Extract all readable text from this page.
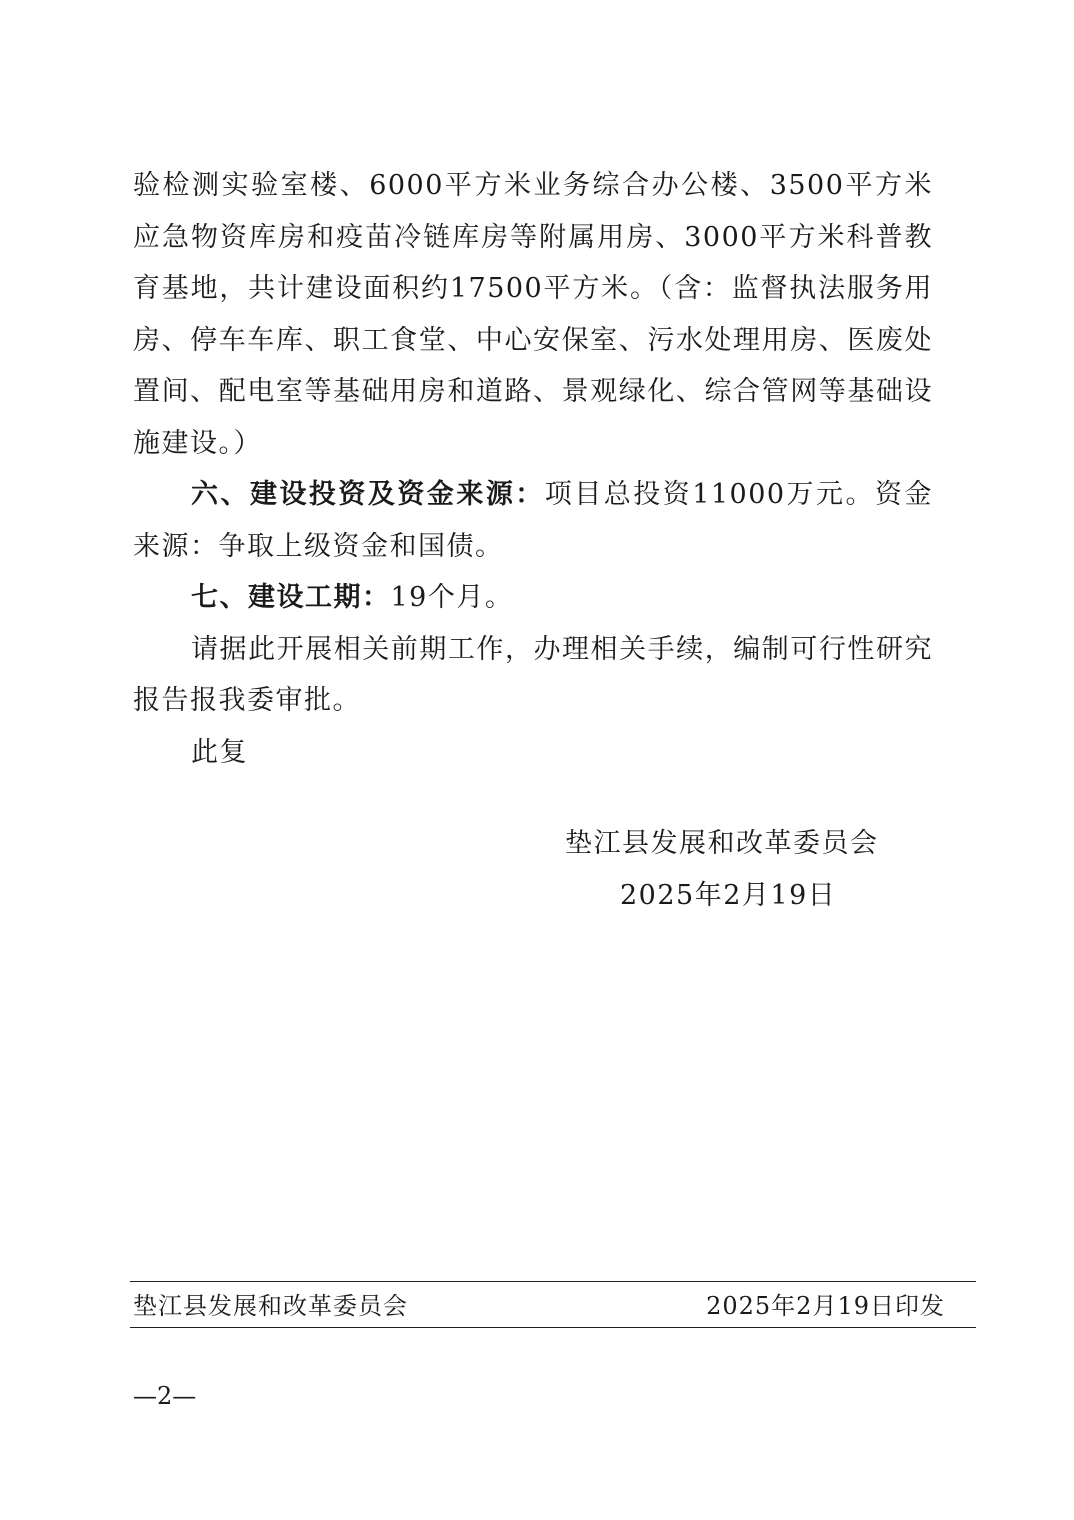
验检测实验室楼、6000平方米业务综合办公楼、3500平方米应急物资库房和疫苗冷链库房等附属用房、3000平方米科普教育基地，共计建设面积约17500平方米。（含：监督执法服务用房、停车车库、职工食堂、中心安保室、污水处理用房、医废处置间、配电室等基础用房和道路、景观绿化、综合管网等基础设施建设。）

六、建设投资及资金来源：项目总投资11000万元。资金来源：争取上级资金和国债。

七、建设工期：19个月。

请据此开展相关前期工作，办理相关手续，编制可行性研究报告报我委审批。

此复

垫江县发展和改革委员会
2025年2月19日
垫江县发展和改革委员会	2025年2月19日印发
—2—
